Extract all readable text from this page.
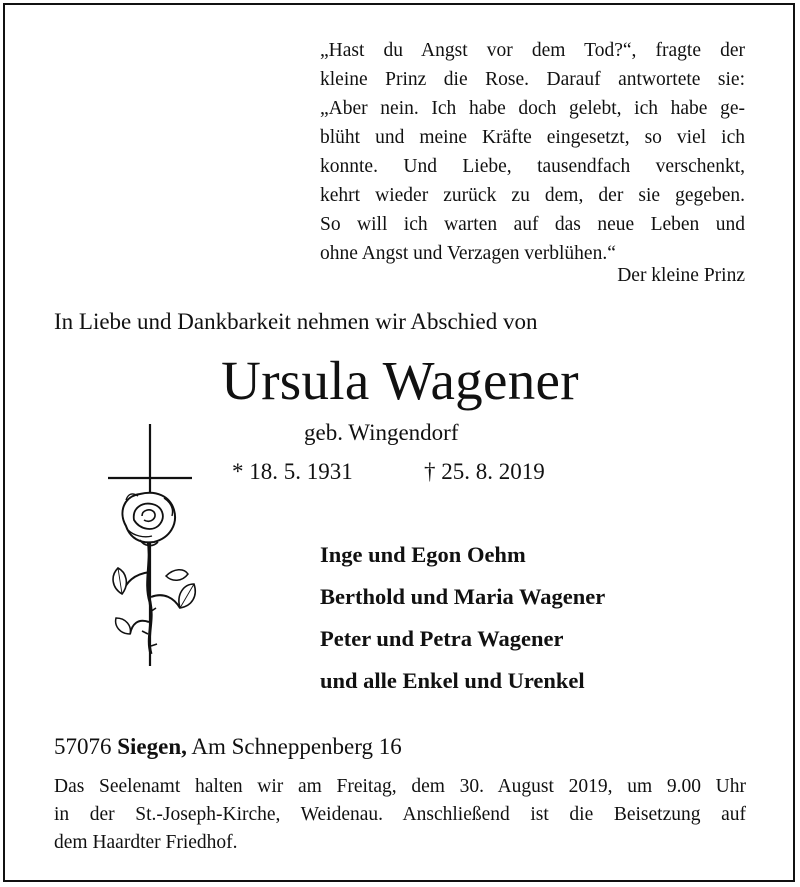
„Hast du Angst vor dem Tod?“, fragte der
kleine Prinz die Rose. Darauf antwortete sie:
„Aber nein. Ich habe doch gelebt, ich habe ge-
blüht und meine Kräfte eingesetzt, so viel ich
konnte. Und Liebe, tausendfach verschenkt,
kehrt wieder zurück zu dem, der sie gegeben.
So will ich warten auf das neue Leben und
ohne Angst und Verzagen verblühen.“
Der kleine Prinz
In Liebe und Dankbarkeit nehmen wir Abschied von
Ursula Wagener
geb. Wingendorf
* 18. 5. 1931	† 25. 8. 2019
Inge und Egon Oehm
Berthold und Maria Wagener
Peter und Petra Wagener
und alle Enkel und Urenkel
57076 Siegen, Am Schneppenberg 16
Das Seelenamt halten wir am Freitag, dem 30. August 2019, um 9.00 Uhr
in der St.-Joseph-Kirche, Weidenau. Anschließend ist die Beisetzung auf
dem Haardter Friedhof.
